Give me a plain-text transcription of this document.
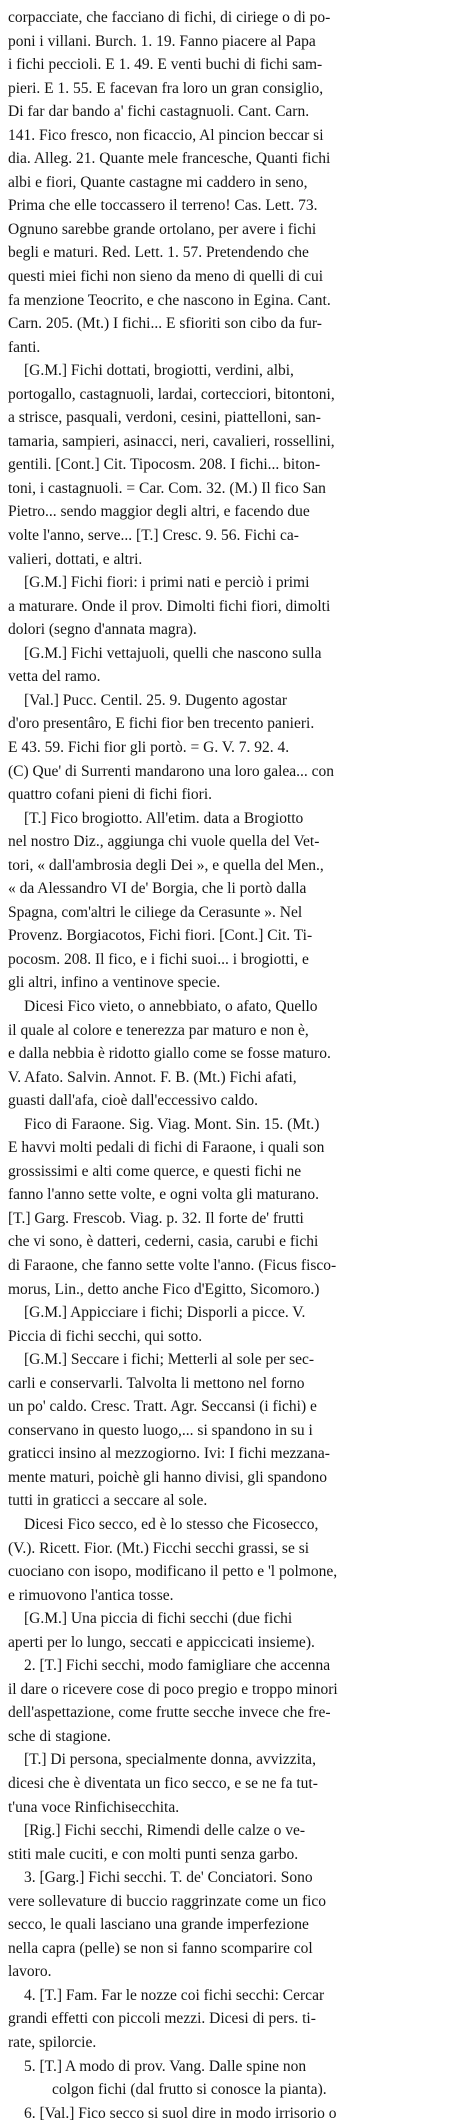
corpacciate, che facciano di fichi, di ciriege o di po-
poni i villani. Burch. 1. 19. Fanno piacere al Papa
i fichi peccioli. E 1. 49. E venti buchi di fichi sam-
pieri. E 1. 55. E facevan fra loro un gran consiglio,
Di far dar bando a' fichi castagnuoli. Cant. Carn.
141. Fico fresco, non ficaccio, Al pincion beccar si
dia. Alleg. 21. Quante mele francesche, Quanti fichi
albi e fiori, Quante castagne mi caddero in seno,
Prima che elle toccassero il terreno! Cas. Lett. 73.
Ognuno sarebbe grande ortolano, per avere i fichi
begli e maturi. Red. Lett. 1. 57. Pretendendo che
questi miei fichi non sieno da meno di quelli di cui
fa menzione Teocrito, e che nascono in Egina. Cant.
Carn. 205. (Mt.) I fichi... E sfioriti son cibo da fur-
fanti.
[G.M.] Fichi dottati, brogiotti, verdini, albi,
portogallo, castagnuoli, lardai, cortecciori, bitontoni,
a strisce, pasquali, verdoni, cesini, piattelloni, san-
tamaria, sampieri, asinacci, neri, cavalieri, rossellini,
gentili. [Cont.] Cit. Tipocosm. 208. I fichi... biton-
toni, i castagnuoli. = Car. Com. 32. (M.) Il fico San
Pietro... sendo maggior degli altri, e facendo due
volte l'anno, serve... [T.] Cresc. 9. 56. Fichi ca-
valieri, dottati, e altri.
[G.M.] Fichi fiori: i primi nati e perciò i primi
a maturare. Onde il prov. Dimolti fichi fiori, dimolti
dolori (segno d'annata magra).
[G.M.] Fichi vettajuoli, quelli che nascono sulla
vetta del ramo.
[Val.] Pucc. Centil. 25. 9. Dugento agostar
d'oro presentâro, E fichi fior ben trecento panieri.
E 43. 59. Fichi fior gli portò. = G. V. 7. 92. 4.
(C) Que' di Surrenti mandarono una loro galea... con
quattro cofani pieni di fichi fiori.
[T.] Fico brogiotto. All'etim. data a Brogiotto
nel nostro Diz., aggiunga chi vuole quella del Vet-
tori, « dall'ambrosia degli Dei », e quella del Men.,
« da Alessandro VI de' Borgia, che li portò dalla
Spagna, com'altri le ciliege da Cerasunte ». Nel
Provenz. Borgiacotos, Fichi fiori. [Cont.] Cit. Ti-
pocosm. 208. Il fico, e i fichi suoi... i brogiotti, e
gli altri, infino a ventinove specie.
Dicesi Fico vieto, o annebbiato, o afato, Quello
il quale al colore e tenerezza par maturo e non è,
e dalla nebbia è ridotto giallo come se fosse maturo.
V. Afato. Salvin. Annot. F. B. (Mt.) Fichi afati,
guasti dall'afa, cioè dall'eccessivo caldo.
Fico di Faraone. Sig. Viag. Mont. Sin. 15. (Mt.)
E havvi molti pedali di fichi di Faraone, i quali son
grossissimi e alti come querce, e questi fichi ne
fanno l'anno sette volte, e ogni volta gli maturano.
[T.] Garg. Frescob. Viag. p. 32. Il forte de' frutti
che vi sono, è datteri, cederni, casia, carubi e fichi
di Faraone, che fanno sette volte l'anno. (Ficus fisco-
morus, Lin., detto anche Fico d'Egitto, Sicomoro.)
[G.M.] Appicciare i fichi; Disporli a picce. V.
Piccia di fichi secchi, qui sotto.
[G.M.] Seccare i fichi; Metterli al sole per sec-
carli e conservarli. Talvolta li mettono nel forno
un po' caldo. Cresc. Tratt. Agr. Seccansi (i fichi) e
conservano in questo luogo,... si spandono in su i
graticci insino al mezzogiorno. Ivi: I fichi mezzana-
mente maturi, poichè gli hanno divisi, gli spandono
tutti in graticci a seccare al sole.
Dicesi Fico secco, ed è lo stesso che Ficosecco,
(V.). Ricett. Fior. (Mt.) Ficchi secchi grassi, se si
cuociano con isopo, modificano il petto e 'l polmone,
e rimuovono l'antica tosse.
[G.M.] Una piccia di fichi secchi (due fichi
aperti per lo lungo, seccati e appiccicati insieme).
2. [T.] Fichi secchi, modo famigliare che accenna
il dare o ricevere cose di poco pregio e troppo minori
dell'aspettazione, come frutte secche invece che fre-
sche di stagione.
[T.] Di persona, specialmente donna, avvizzita,
dicesi che è diventata un fico secco, e se ne fa tut-
t'una voce Rinfichisecchita.
[Rig.] Fichi secchi, Rimendi delle calze o ve-
stiti male cuciti, e con molti punti senza garbo.
3. [Garg.] Fichi secchi. T. de' Conciatori. Sono
vere sollevature di buccio raggrinzate come un fico
secco, le quali lasciano una grande imperfezione
nella capra (pelle) se non si fanno scomparire col
lavoro.
4. [T.] Fam. Far le nozze coi fichi secchi: Cercar
grandi effetti con piccoli mezzi. Dicesi di pers. ti-
rate, spilorcie.
5. [T.] A modo di prov. Vang. Dalle spine non
colgon fichi (dal frutto si conosce la pianta).
6. [Val.] Fico secco si suol dire in modo irrisorio o
